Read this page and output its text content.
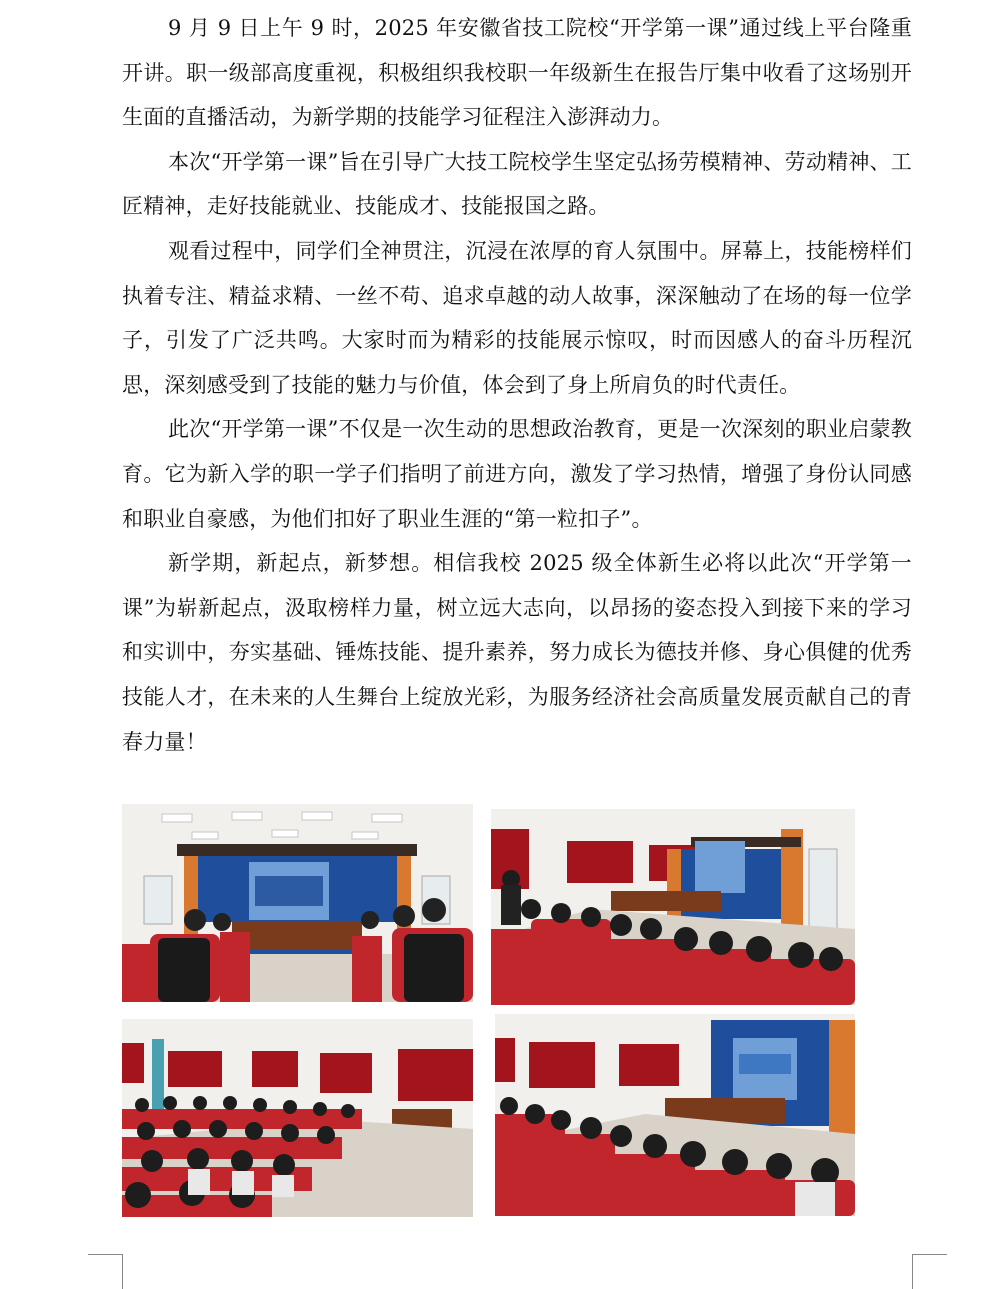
9 月 9 日上午 9 时，2025 年安徽省技工院校“开学第一课”通过线上平台隆重开讲。职一级部高度重视，积极组织我校职一年级新生在报告厅集中收看了这场别开生面的直播活动，为新学期的技能学习征程注入澎湃动力。

本次“开学第一课”旨在引导广大技工院校学生坚定弘扬劳模精神、劳动精神、工匠精神，走好技能就业、技能成才、技能报国之路。

观看过程中，同学们全神贯注，沉浸在浓厚的育人氛围中。屏幕上，技能榜样们执着专注、精益求精、一丝不苟、追求卓越的动人故事，深深触动了在场的每一位学子，引发了广泛共鸣。大家时而为精彩的技能展示惊叹，时而因感人的奋斗历程沉思，深刻感受到了技能的魅力与价值，体会到了身上所肩负的时代责任。

此次“开学第一课”不仅是一次生动的思想政治教育，更是一次深刻的职业启蒙教育。它为新入学的职一学子们指明了前进方向，激发了学习热情，增强了身份认同感和职业自豪感，为他们扣好了职业生涯的“第一粒扣子”。

新学期，新起点，新梦想。相信我校 2025 级全体新生必将以此次“开学第一课”为崭新起点，汲取榜样力量，树立远大志向，以昂扬的姿态投入到接下来的学习和实训中，夯实基础、锤炼技能、提升素养，努力成长为德技并修、身心俱健的优秀技能人才，在未来的人生舞台上绽放光彩，为服务经济社会高质量发展贡献自己的青春力量！
